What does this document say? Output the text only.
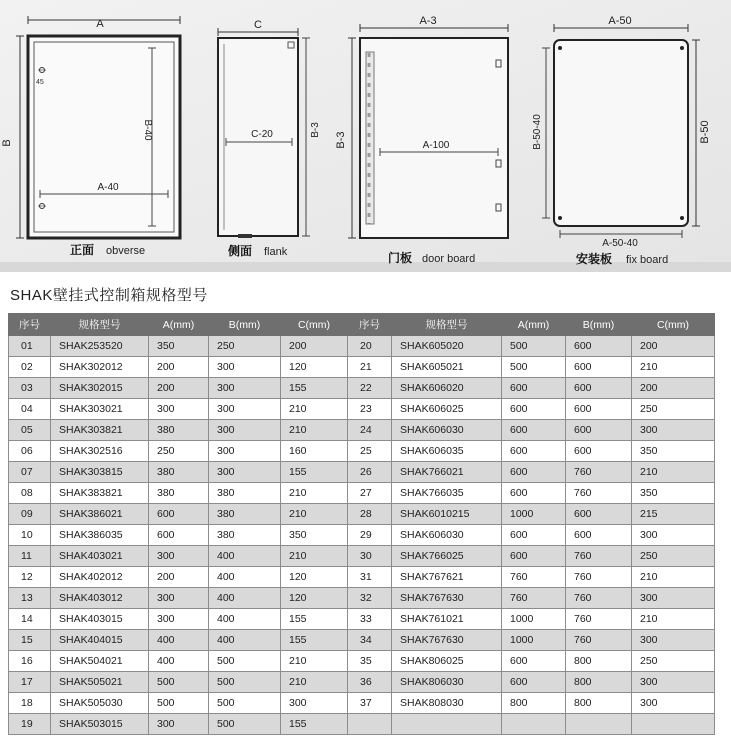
A
B
B-40
A-40
45
正面 obverse
C
C-20	B-3
侧面 flank
A-3
B-3	A-100
门板 door board
A-50
B-50-40	B-50
A-50-40
安装板 fix board
SHAK壁挂式控制箱规格型号
序号	规格型号	A(mm)	B(mm)	C(mm)	序号	规格型号	A(mm)	B(mm)	C(mm)
01	SHAK253520	350	250	200	20	SHAK605020	500	600	200
02	SHAK302012	200	300	120	21	SHAK605021	500	600	210
03	SHAK302015	200	300	155	22	SHAK606020	600	600	200
04	SHAK303021	300	300	210	23	SHAK606025	600	600	250
05	SHAK303821	380	300	210	24	SHAK606030	600	600	300
06	SHAK302516	250	300	160	25	SHAK606035	600	600	350
07	SHAK303815	380	300	155	26	SHAK766021	600	760	210
08	SHAK383821	380	380	210	27	SHAK766035	600	760	350
09	SHAK386021	600	380	210	28	SHAK6010215	1000	600	215
10	SHAK386035	600	380	350	29	SHAK606030	600	600	300
11	SHAK403021	300	400	210	30	SHAK766025	600	760	250
12	SHAK402012	200	400	120	31	SHAK767621	760	760	210
13	SHAK403012	300	400	120	32	SHAK767630	760	760	300
14	SHAK403015	300	400	155	33	SHAK761021	1000	760	210
15	SHAK404015	400	400	155	34	SHAK767630	1000	760	300
16	SHAK504021	400	500	210	35	SHAK806025	600	800	250
17	SHAK505021	500	500	210	36	SHAK806030	600	800	300
18	SHAK505030	500	500	300	37	SHAK808030	800	800	300
19	SHAK503015	300	500	155					
